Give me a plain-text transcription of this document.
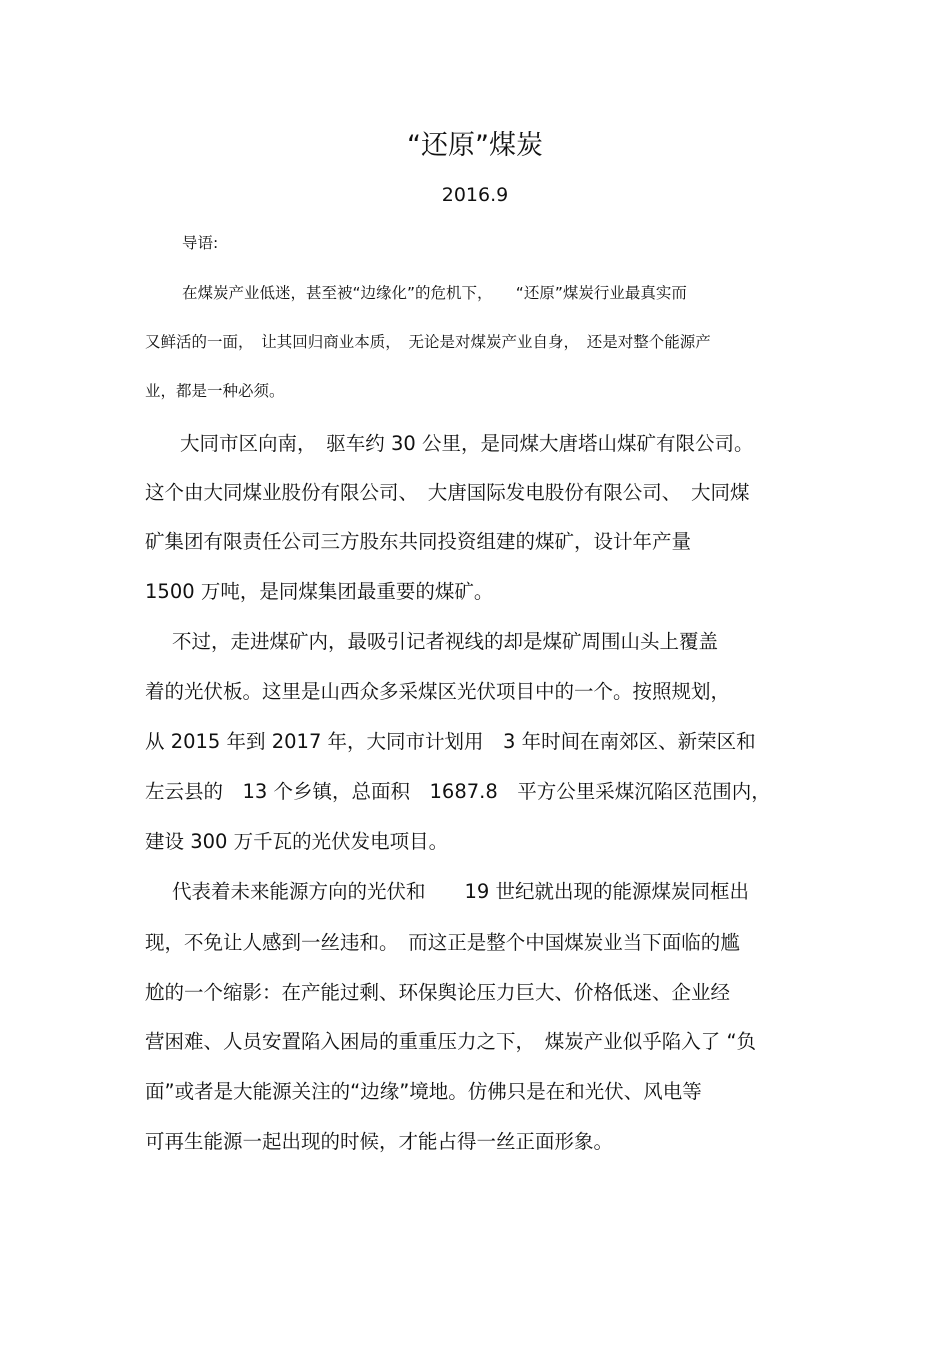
“还原”煤炭
2016.9
导语:
在煤炭产业低迷，甚至被“边缘化”的危机下，　　“还原”煤炭行业最真实而
又鲜活的一面，　让其回归商业本质，　无论是对煤炭产业自身，　还是对整个能源产
业，都是一种必须。
大同市区向南，　驱车约 30 公里，是同煤大唐塔山煤矿有限公司。
这个由大同煤业股份有限公司、　大唐国际发电股份有限公司、　大同煤
矿集团有限责任公司三方股东共同投资组建的煤矿，设计年产量
1500 万吨，是同煤集团最重要的煤矿。
不过，走进煤矿内，最吸引记者视线的却是煤矿周围山头上覆盖
着的光伏板。这里是山西众多采煤区光伏项目中的一个。按照规划，
从 2015 年到 2017 年，大同市计划用　3 年时间在南郊区、新荣区和
左云县的　13 个乡镇，总面积　1687.8　平方公里采煤沉陷区范围内，
建设 300 万千瓦的光伏发电项目。
代表着未来能源方向的光伏和　　19 世纪就出现的能源煤炭同框出
现，不免让人感到一丝违和。　而这正是整个中国煤炭业当下面临的尴
尬的一个缩影：在产能过剩、环保舆论压力巨大、价格低迷、企业经
营困难、人员安置陷入困局的重重压力之下，　煤炭产业似乎陷入了 “负
面”或者是大能源关注的“边缘”境地。仿佛只是在和光伏、风电等
可再生能源一起出现的时候，才能占得一丝正面形象。
